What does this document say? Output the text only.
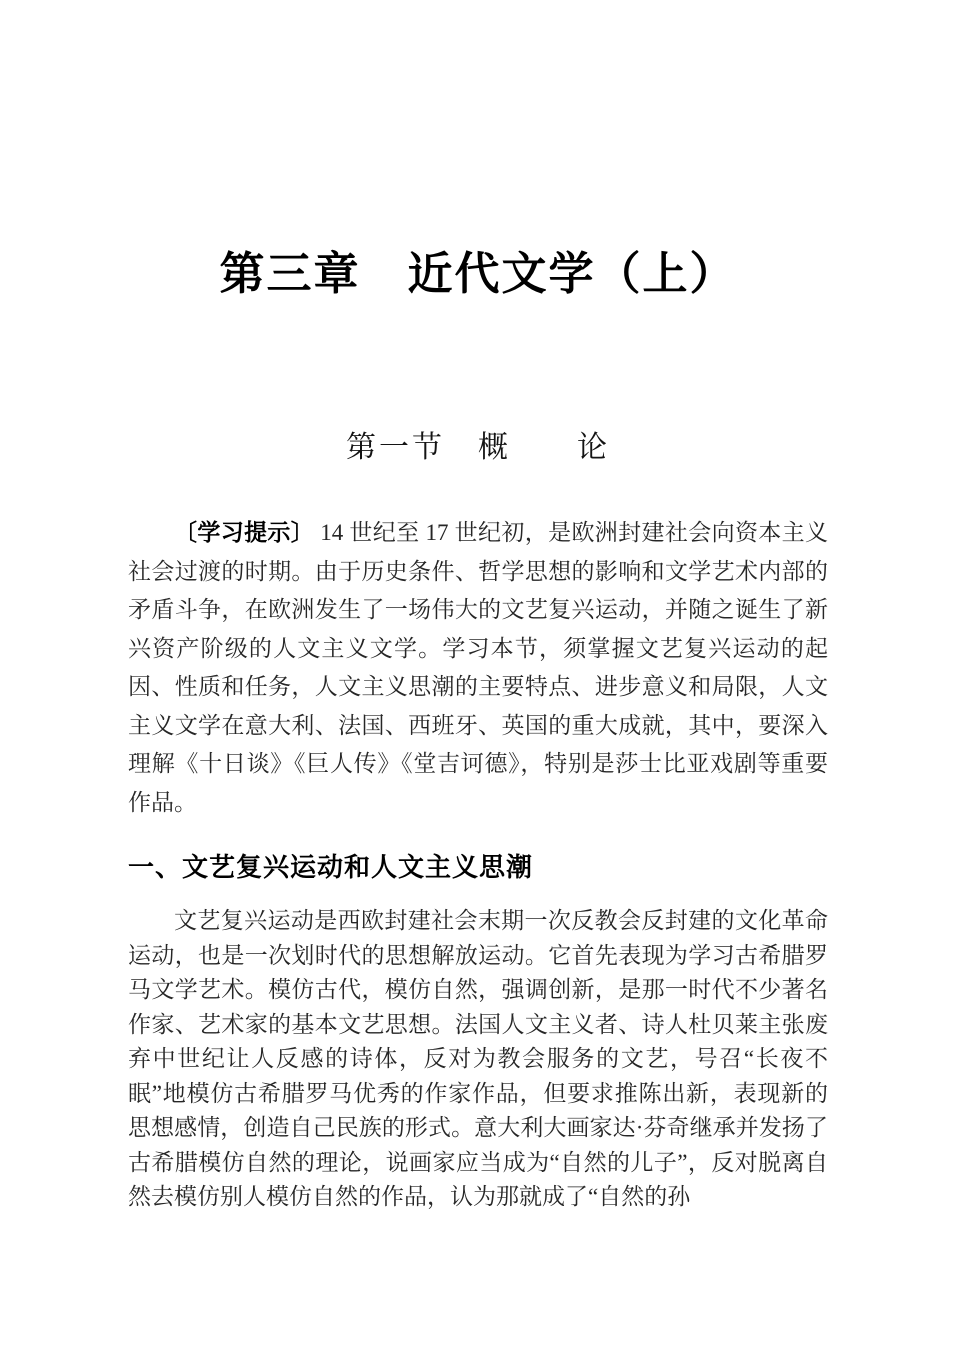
第三章　近代文学（上）
第一节　概　　论

〔学习提示〕 14 世纪至 17 世纪初，是欧洲封建社会向资本主义社会过渡的时期。由于历史条件、哲学思想的影响和文学艺术内部的矛盾斗争，在欧洲发生了一场伟大的文艺复兴运动，并随之诞生了新兴资产阶级的人文主义文学。学习本节，须掌握文艺复兴运动的起因、性质和任务，人文主义思潮的主要特点、进步意义和局限，人文主义文学在意大利、法国、西班牙、英国的重大成就，其中，要深入理解《十日谈》《巨人传》《堂吉诃德》，特别是莎士比亚戏剧等重要作品。

一、文艺复兴运动和人文主义思潮

文艺复兴运动是西欧封建社会末期一次反教会反封建的文化革命运动，也是一次划时代的思想解放运动。它首先表现为学习古希腊罗马文学艺术。模仿古代，模仿自然，强调创新，是那一时代不少著名作家、艺术家的基本文艺思想。法国人文主义者、诗人杜贝莱主张废弃中世纪让人反感的诗体，反对为教会服务的文艺，号召“长夜不眠”地模仿古希腊罗马优秀的作家作品，但要求推陈出新，表现新的思想感情，创造自己民族的形式。意大利大画家达·芬奇继承并发扬了古希腊模仿自然的理论，说画家应当成为“自然的儿子”，反对脱离自然去模仿别人模仿自然的作品，认为那就成了“自然的孙
